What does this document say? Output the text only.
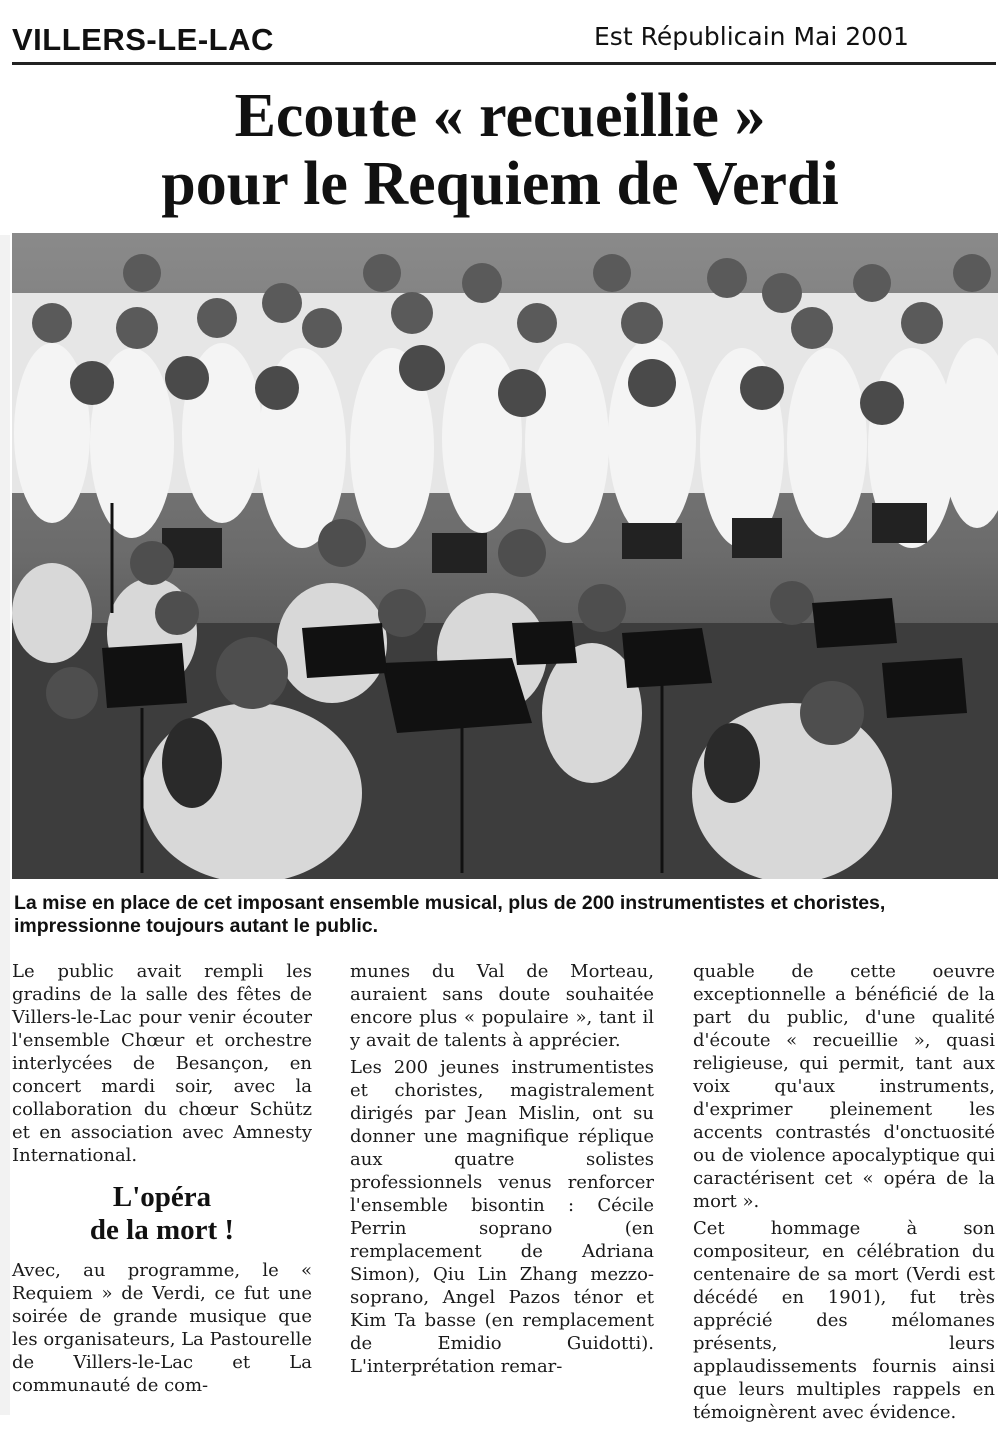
VILLERS-LE-LAC	Est Républicain Mai 2001
Ecoute « recueillie »
pour le Requiem de Verdi
La mise en place de cet imposant ensemble musical, plus de 200 instrumentistes et choristes,
impressionne toujours autant le public.

Le public avait rempli les gradins de la salle des fêtes de Villers-le-Lac pour venir écouter l'ensemble Chœur et orchestre interlycées de Besançon, en concert mardi soir, avec la collaboration du chœur Schütz et en association avec Amnesty International.

L'opéra
de la mort !

Avec, au programme, le « Requiem » de Verdi, ce fut une soirée de grande musique que les organisateurs, La Pastourelle de Villers-le-Lac et La communauté de com-

munes du Val de Morteau, auraient sans doute souhaitée encore plus « populaire », tant il y avait de talents à apprécier.

Les 200 jeunes instrumentistes et choristes, magistralement dirigés par Jean Mislin, ont su donner une magnifique réplique aux quatre solistes professionnels venus renforcer l'ensemble bisontin : Cécile Perrin soprano (en remplacement de Adriana Simon), Qiu Lin Zhang mezzo-soprano, Angel Pazos ténor et Kim Ta basse (en remplacement de Emidio Guidotti). L'interprétation remar-

quable de cette oeuvre exceptionnelle a bénéficié de la part du public, d'une qualité d'écoute « recueillie », quasi religieuse, qui permit, tant aux voix qu'aux instruments, d'exprimer pleinement les accents contrastés d'onctuosité ou de violence apocalyptique qui caractérisent cet « opéra de la mort ».

Cet hommage à son compositeur, en célébration du centenaire de sa mort (Verdi est décédé en 1901), fut très apprécié des mélomanes présents, leurs applaudissements fournis ainsi que leurs multiples rappels en témoignèrent avec évidence.
